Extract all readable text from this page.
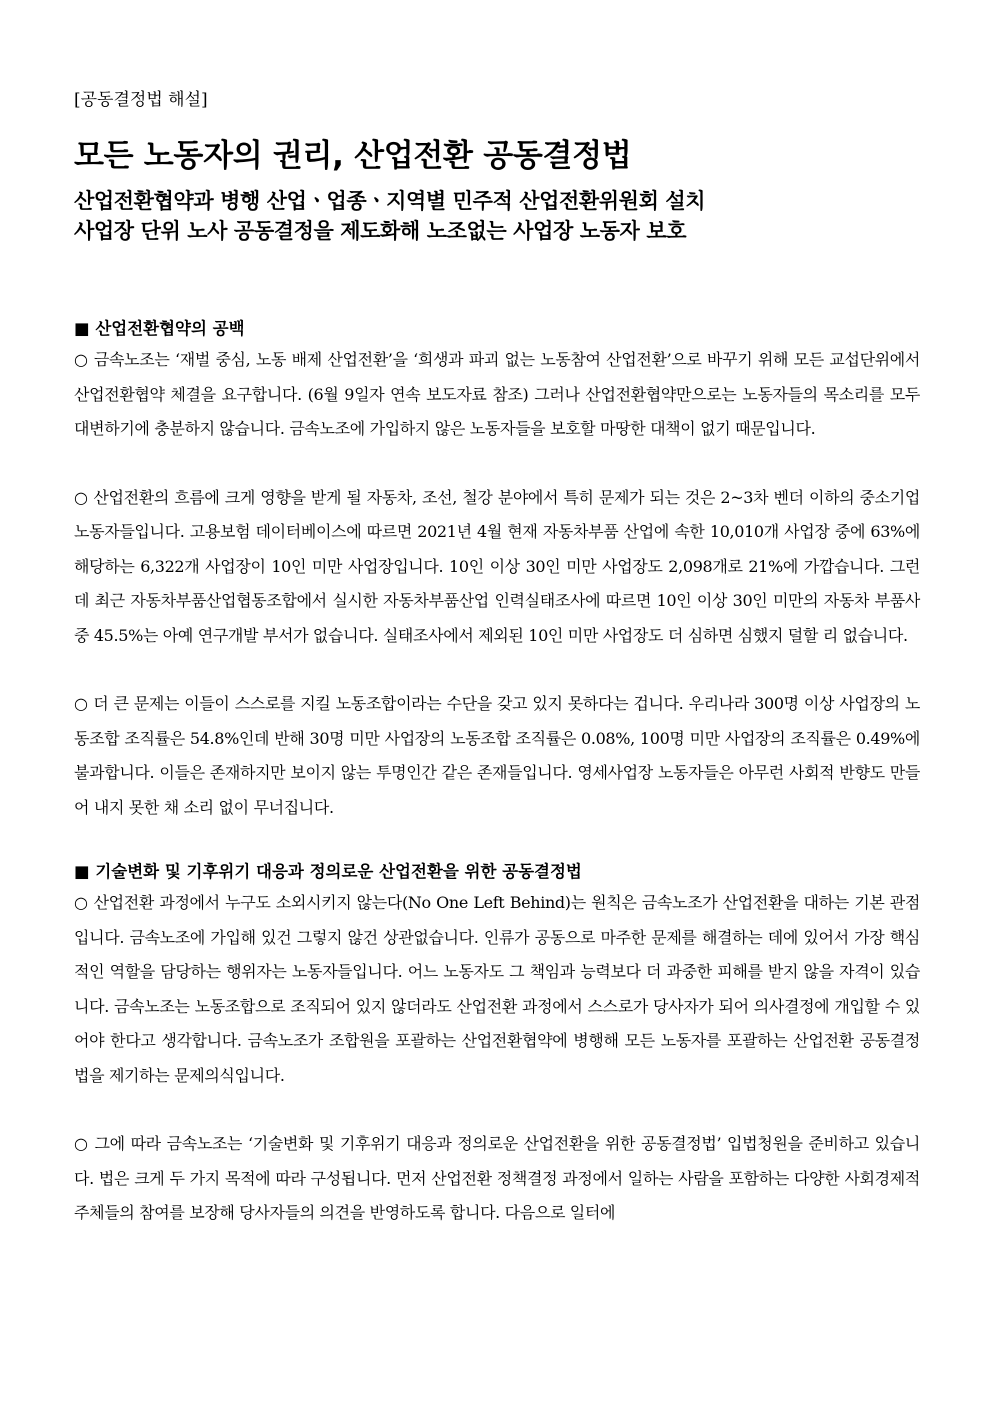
[공동결정법 해설]

모든 노동자의 권리, 산업전환 공동결정법

산업전환협약과 병행 산업ㆍ업종ㆍ지역별 민주적 산업전환위원회 설치

사업장 단위 노사 공동결정을 제도화해 노조없는 사업장 노동자 보호

■ 산업전환협약의 공백

○ 금속노조는 ‘재벌 중심, 노동 배제 산업전환’을 ‘희생과 파괴 없는 노동참여 산업전환’으로 바꾸기 위해 모든 교섭단위에서 산업전환협약 체결을 요구합니다. (6월 9일자 연속 보도자료 참조) 그러나 산업전환협약만으로는 노동자들의 목소리를 모두 대변하기에 충분하지 않습니다. 금속노조에 가입하지 않은 노동자들을 보호할 마땅한 대책이 없기 때문입니다.

○ 산업전환의 흐름에 크게 영향을 받게 될 자동차, 조선, 철강 분야에서 특히 문제가 되는 것은 2~3차 벤더 이하의 중소기업 노동자들입니다. 고용보험 데이터베이스에 따르면 2021년 4월 현재 자동차부품 산업에 속한 10,010개 사업장 중에 63%에 해당하는 6,322개 사업장이 10인 미만 사업장입니다. 10인 이상 30인 미만 사업장도 2,098개로 21%에 가깝습니다. 그런데 최근 자동차부품산업협동조합에서 실시한 자동차부품산업 인력실태조사에 따르면 10인 이상 30인 미만의 자동차 부품사 중 45.5%는 아예 연구개발 부서가 없습니다. 실태조사에서 제외된 10인 미만 사업장도 더 심하면 심했지 덜할 리 없습니다.

○ 더 큰 문제는 이들이 스스로를 지킬 노동조합이라는 수단을 갖고 있지 못하다는 겁니다. 우리나라 300명 이상 사업장의 노동조합 조직률은 54.8%인데 반해 30명 미만 사업장의 노동조합 조직률은 0.08%, 100명 미만 사업장의 조직률은 0.49%에 불과합니다. 이들은 존재하지만 보이지 않는 투명인간 같은 존재들입니다. 영세사업장 노동자들은 아무런 사회적 반향도 만들어 내지 못한 채 소리 없이 무너집니다.

■ 기술변화 및 기후위기 대응과 정의로운 산업전환을 위한 공동결정법

○ 산업전환 과정에서 누구도 소외시키지 않는다(No One Left Behind)는 원칙은 금속노조가 산업전환을 대하는 기본 관점입니다. 금속노조에 가입해 있건 그렇지 않건 상관없습니다. 인류가 공동으로 마주한 문제를 해결하는 데에 있어서 가장 핵심적인 역할을 담당하는 행위자는 노동자들입니다. 어느 노동자도 그 책임과 능력보다 더 과중한 피해를 받지 않을 자격이 있습니다. 금속노조는 노동조합으로 조직되어 있지 않더라도 산업전환 과정에서 스스로가 당사자가 되어 의사결정에 개입할 수 있어야 한다고 생각합니다. 금속노조가 조합원을 포괄하는 산업전환협약에 병행해 모든 노동자를 포괄하는 산업전환 공동결정법을 제기하는 문제의식입니다.

○ 그에 따라 금속노조는 ‘기술변화 및 기후위기 대응과 정의로운 산업전환을 위한 공동결정법’ 입법청원을 준비하고 있습니다. 법은 크게 두 가지 목적에 따라 구성됩니다. 먼저 산업전환 정책결정 과정에서 일하는 사람을 포함하는 다양한 사회경제적 주체들의 참여를 보장해 당사자들의 의견을 반영하도록 합니다. 다음으로 일터에
